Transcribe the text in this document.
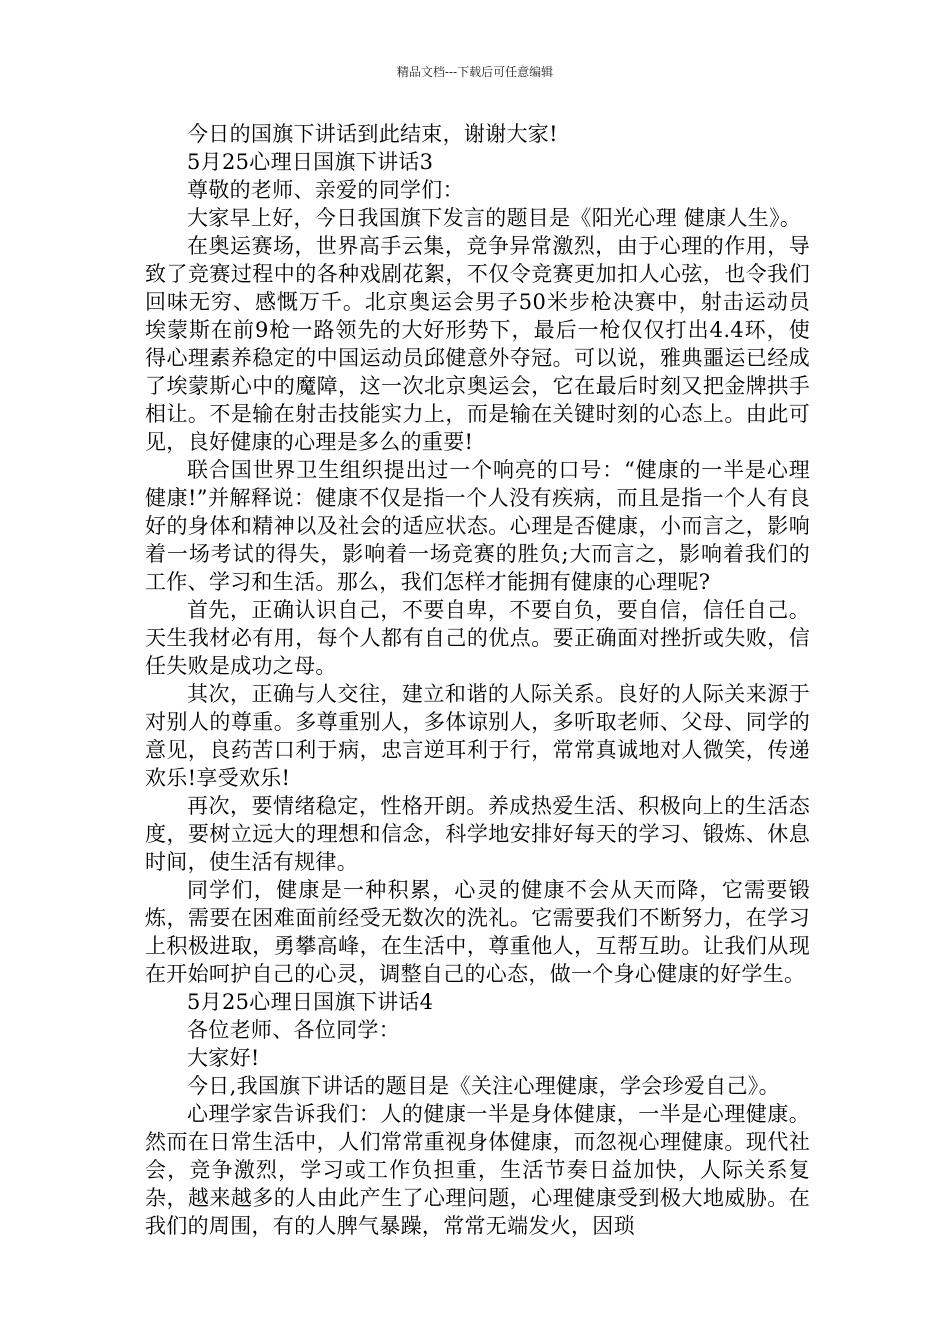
精品文档---下载后可任意编辑

今日的国旗下讲话到此结束，谢谢大家!

5月25心理日国旗下讲话3

尊敬的老师、亲爱的同学们：

大家早上好，今日我国旗下发言的题目是《阳光心理 健康人生》。

在奥运赛场，世界高手云集，竞争异常激烈，由于心理的作用，导致了竞赛过程中的各种戏剧花絮，不仅令竞赛更加扣人心弦，也令我们回味无穷、感慨万千。北京奥运会男子50米步枪决赛中，射击运动员埃蒙斯在前9枪一路领先的大好形势下，最后一枪仅仅打出4.4环，使得心理素养稳定的中国运动员邱健意外夺冠。可以说，雅典噩运已经成了埃蒙斯心中的魔障，这一次北京奥运会，它在最后时刻又把金牌拱手相让。不是输在射击技能实力上，而是输在关键时刻的心态上。由此可见，良好健康的心理是多么的重要!

联合国世界卫生组织提出过一个响亮的口号：“健康的一半是心理健康!”并解释说：健康不仅是指一个人没有疾病，而且是指一个人有良好的身体和精神以及社会的适应状态。心理是否健康，小而言之，影响着一场考试的得失，影响着一场竞赛的胜负;大而言之，影响着我们的工作、学习和生活。那么，我们怎样才能拥有健康的心理呢?

首先，正确认识自己，不要自卑，不要自负，要自信，信任自己。天生我材必有用，每个人都有自己的优点。要正确面对挫折或失败，信任失败是成功之母。

其次，正确与人交往，建立和谐的人际关系。良好的人际关来源于对别人的尊重。多尊重别人，多体谅别人，多听取老师、父母、同学的意见，良药苦口利于病，忠言逆耳利于行，常常真诚地对人微笑，传递欢乐!享受欢乐!

再次，要情绪稳定，性格开朗。养成热爱生活、积极向上的生活态度，要树立远大的理想和信念，科学地安排好每天的学习、锻炼、休息时间，使生活有规律。

同学们，健康是一种积累，心灵的健康不会从天而降，它需要锻炼，需要在困难面前经受无数次的洗礼。它需要我们不断努力，在学习上积极进取，勇攀高峰，在生活中，尊重他人，互帮互助。让我们从现在开始呵护自己的心灵，调整自己的心态，做一个身心健康的好学生。

5月25心理日国旗下讲话4

各位老师、各位同学：

大家好!

今日,我国旗下讲话的题目是《关注心理健康，学会珍爱自己》。

心理学家告诉我们：人的健康一半是身体健康，一半是心理健康。然而在日常生活中，人们常常重视身体健康，而忽视心理健康。现代社会，竞争激烈，学习或工作负担重，生活节奏日益加快，人际关系复杂，越来越多的人由此产生了心理问题，心理健康受到极大地威胁。在我们的周围，有的人脾气暴躁，常常无端发火，因琐
